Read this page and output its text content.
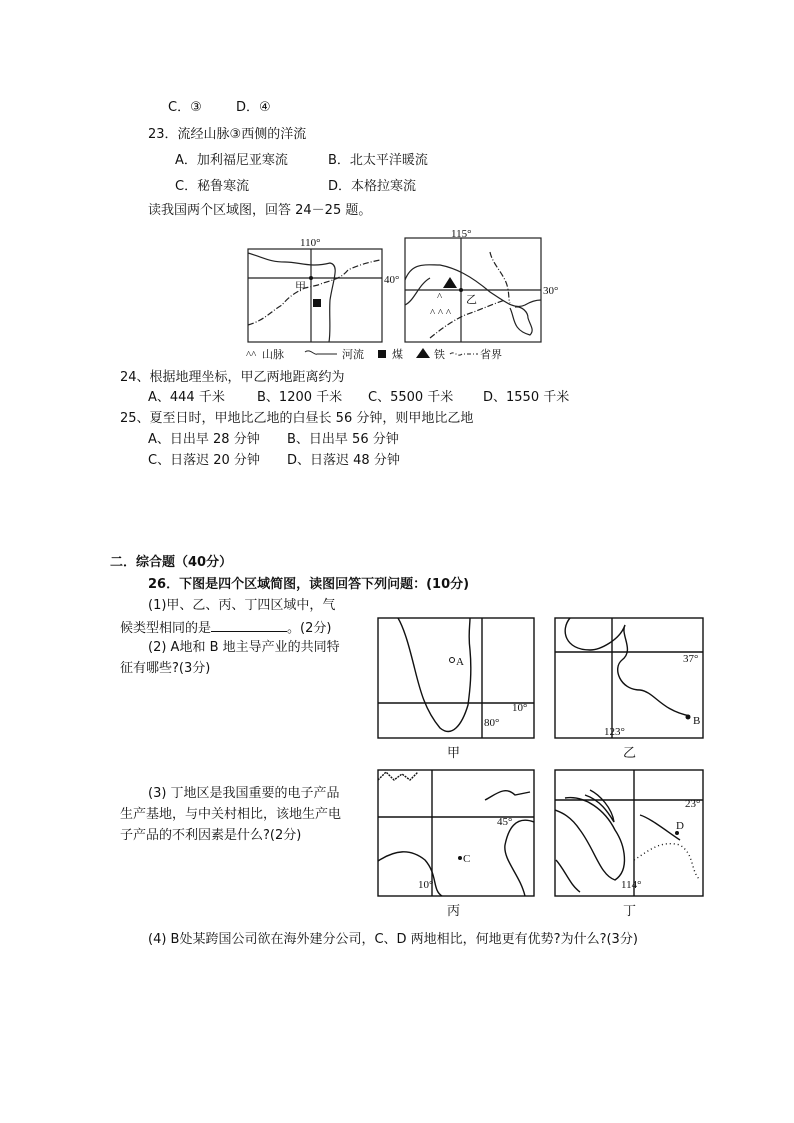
C．③	D．④
23．流经山脉③西侧的洋流
A．加利福尼亚寒流	B．北太平洋暖流
C．秘鲁寒流	D．本格拉寒流
读我国两个区域图，回答 24－25 题。
^
^ ^ ^
110°
40°
甲
115°
30°
乙
^^ 山脉	河流	煤	铁	省界
A
10°
80°	B
37°
123°
C
45°
10°
D
23°
114°
甲	乙
丙	丁
24、根据地理坐标，甲乙两地距离约为
A、444 千米 B、1200 千米 C、5500 千米 D、1550 千米
25、夏至日时，甲地比乙地的白昼长 56 分钟，则甲地比乙地
A、日出早 28 分钟 B、日出早 56 分钟
C、日落迟 20 分钟 D、日落迟 48 分钟
二．综合题（40分）
26．下图是四个区域简图，读图回答下列问题：(10分)
(1)甲、乙、丙、丁四区域中，气
候类型相同的是	。(2分)
(2) A地和 B 地主导产业的共同特
征有哪些?(3分)
(3) 丁地区是我国重要的电子产品
生产基地，与中关村相比，该地生产电
子产品的不利因素是什么?(2分)
(4) B处某跨国公司欲在海外建分公司，C、D 两地相比，何地更有优势?为什么?(3分)
